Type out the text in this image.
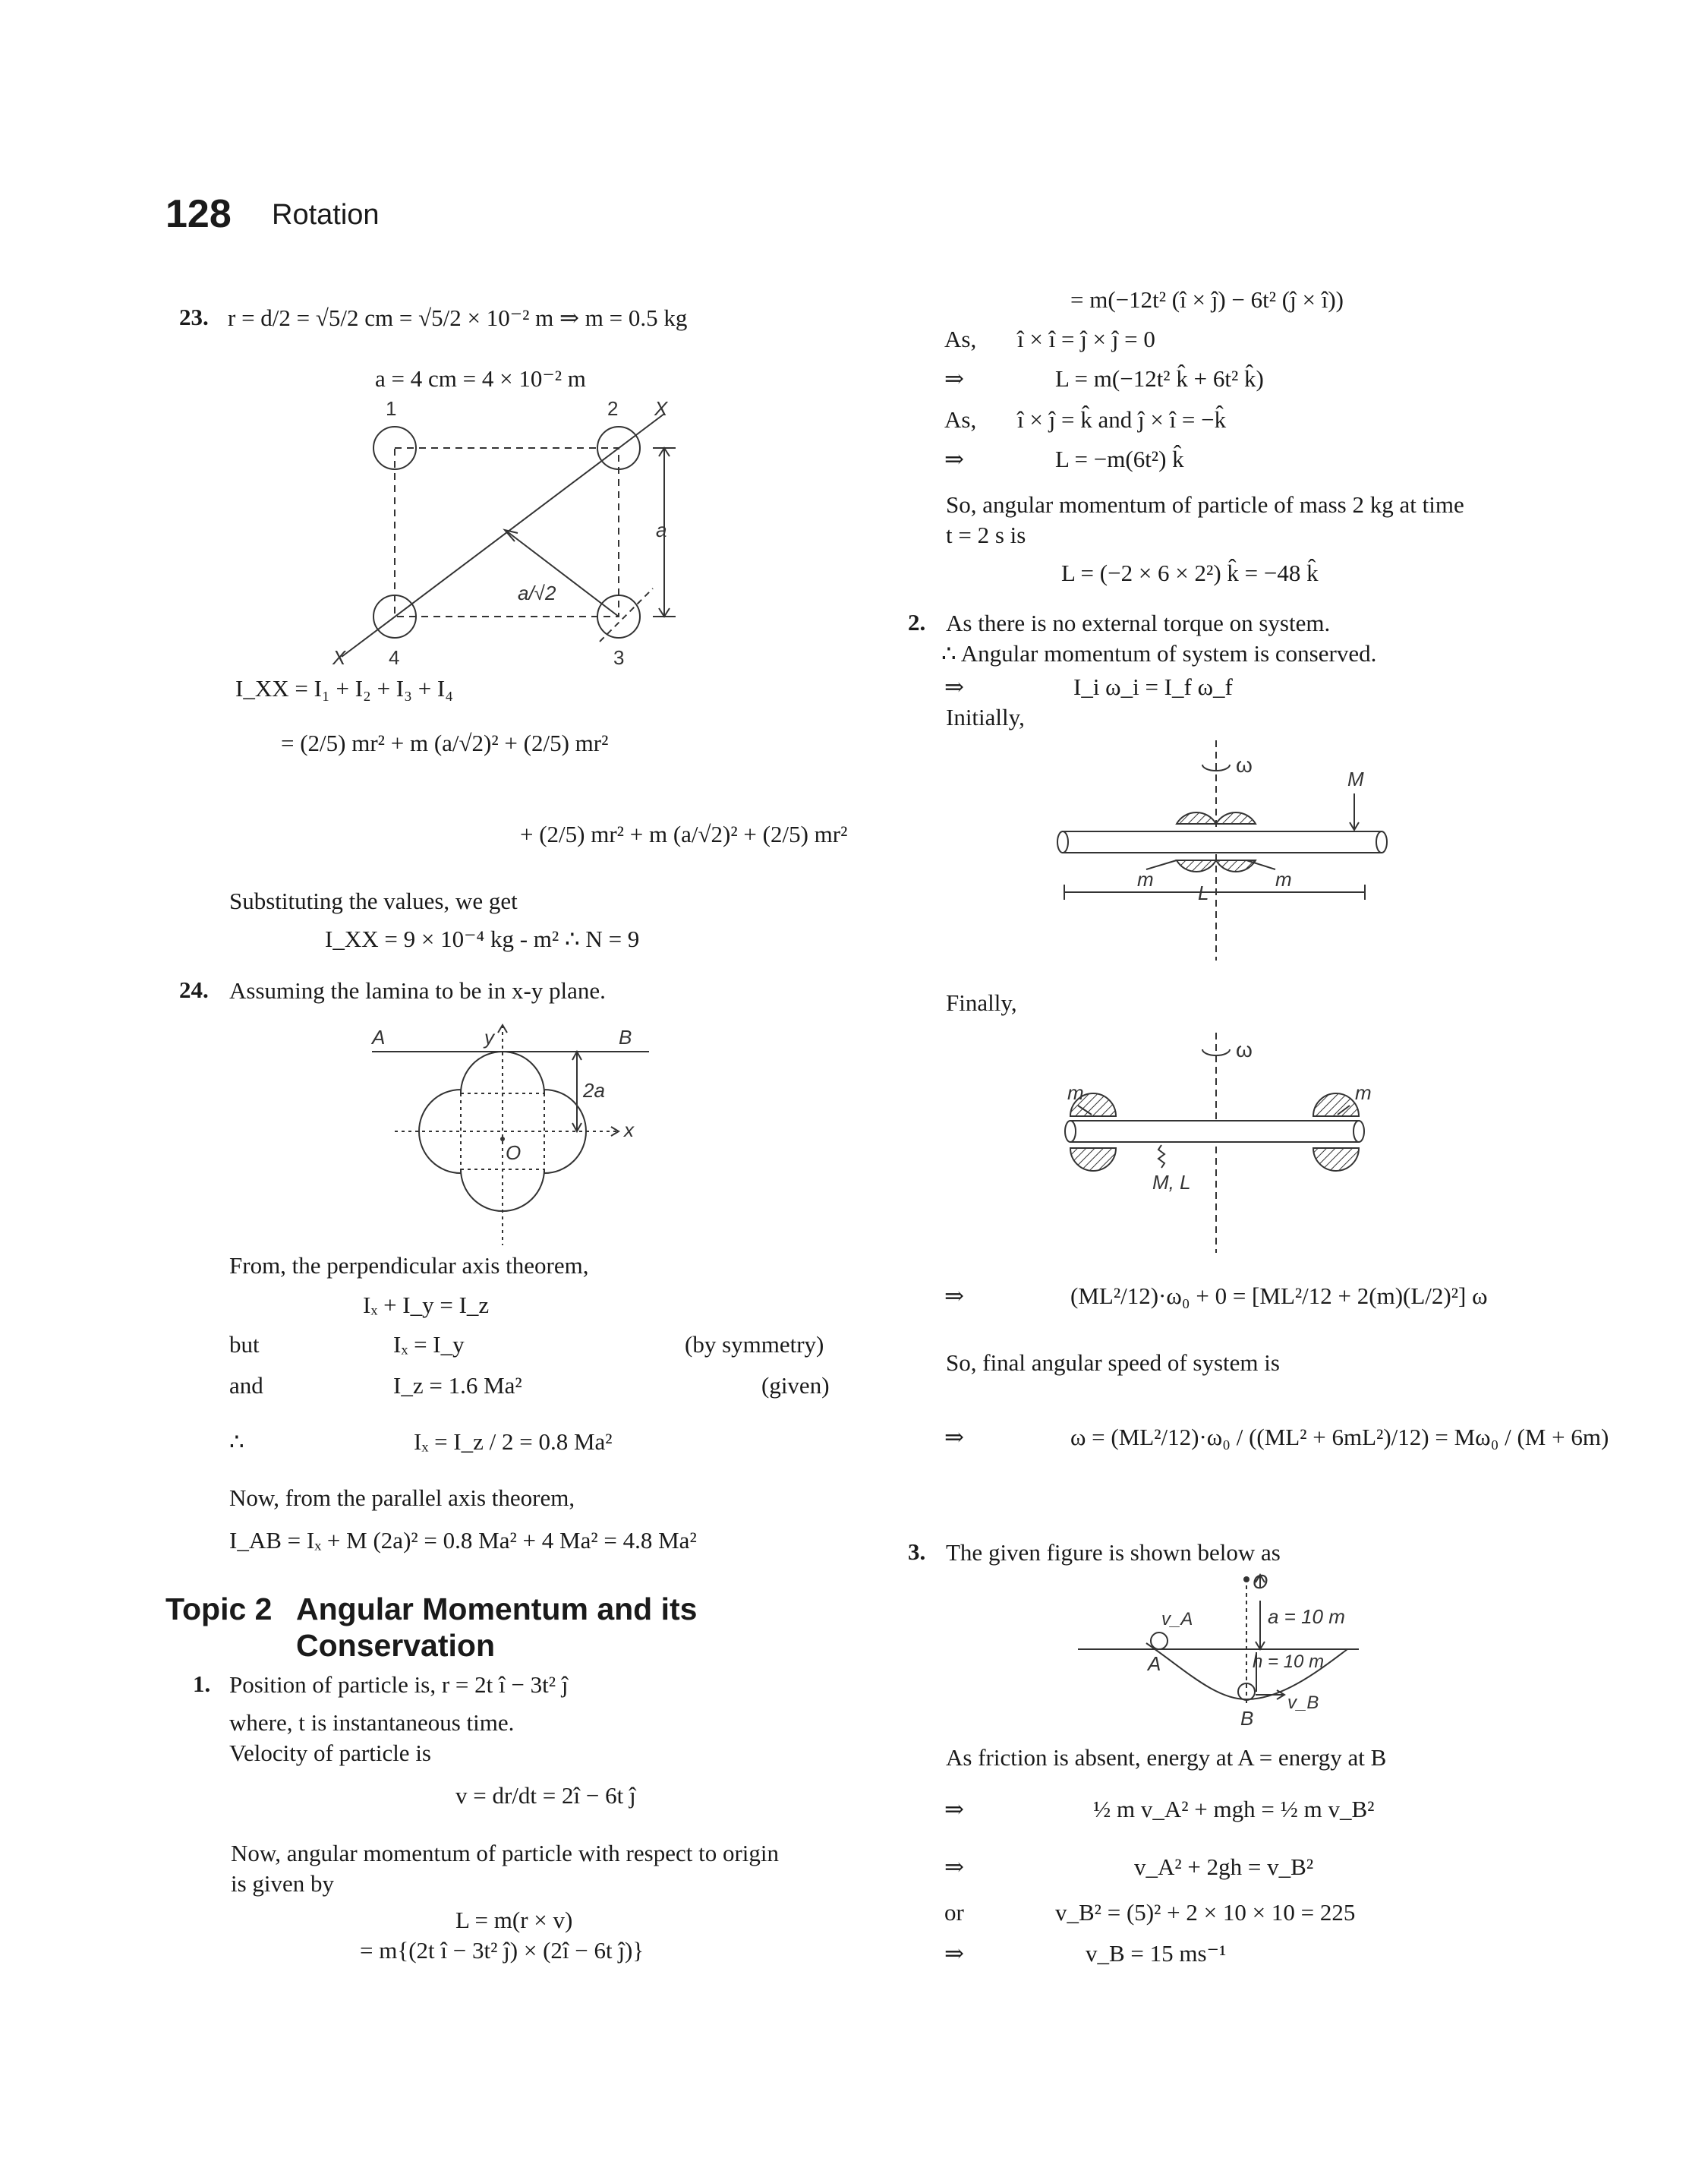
128 Rotation
23. r = d/2 = √5/2 cm = √5/2 × 10⁻² m ⇒ m = 0.5 kg
a = 4 cm = 4 × 10⁻² m
1	2 X
X 4	3
a
a/√2
I_XX = I₁ + I₂ + I₃ + I₄
= (2/5) mr² + m (a/√2)² + (2/5) mr²
+ (2/5) mr² + m (a/√2)² + (2/5) mr²
Substituting the values, we get
I_XX = 9 × 10⁻⁴ kg - m² ∴ N = 9
24. Assuming the lamina to be in x-y plane.
A	B
y
x
O
2a
From, the perpendicular axis theorem,
Iₓ + I_y = I_z
but	Iₓ = I_y	(by symmetry)
and	I_z = 1.6 Ma²	(given)
∴	Iₓ = I_z / 2 = 0.8 Ma²
Now, from the parallel axis theorem,
I_AB = Iₓ + M (2a)² = 0.8 Ma² + 4 Ma² = 4.8 Ma²
Topic 2 Angular Momentum and its
Conservation
1. Position of particle is, r = 2t î − 3t² ĵ
where, t is instantaneous time.
Velocity of particle is
v = dr/dt = 2î − 6t ĵ
Now, angular momentum of particle with respect to origin
is given by
L = m(r × v)
= m{(2t î − 3t² ĵ) × (2î − 6t ĵ)}
= m(−12t² (î × ĵ) − 6t² (ĵ × î))
As, î × î = ĵ × ĵ = 0
⇒	L = m(−12t² k̂ + 6t² k̂)
As, î × ĵ = k̂ and ĵ × î = −k̂
⇒	L = −m(6t²) k̂
So, angular momentum of particle of mass 2 kg at time
t = 2 s is
L = (−2 × 6 × 2²) k̂ = −48 k̂
2. As there is no external torque on system.
∴ Angular momentum of system is conserved.
⇒	I_i ω_i = I_f ω_f
Initially,
ω
M
m	m
L
Finally,
ω
m	m
M, L
⇒	(ML²/12)·ω₀ + 0 = [ML²/12 + 2(m)(L/2)²] ω
So, final angular speed of system is
⇒	ω = (ML²/12)·ω₀ / ((ML² + 6mL²)/12) = Mω₀ / (M + 6m)
3. The given figure is shown below as
O
a = 10 m
v_A
A	h = 10 m
B
v_B
As friction is absent, energy at A = energy at B
⇒	½ m v_A² + mgh = ½ m v_B²
⇒	v_A² + 2gh = v_B²
or	v_B² = (5)² + 2 × 10 × 10 = 225
⇒	v_B = 15 ms⁻¹
